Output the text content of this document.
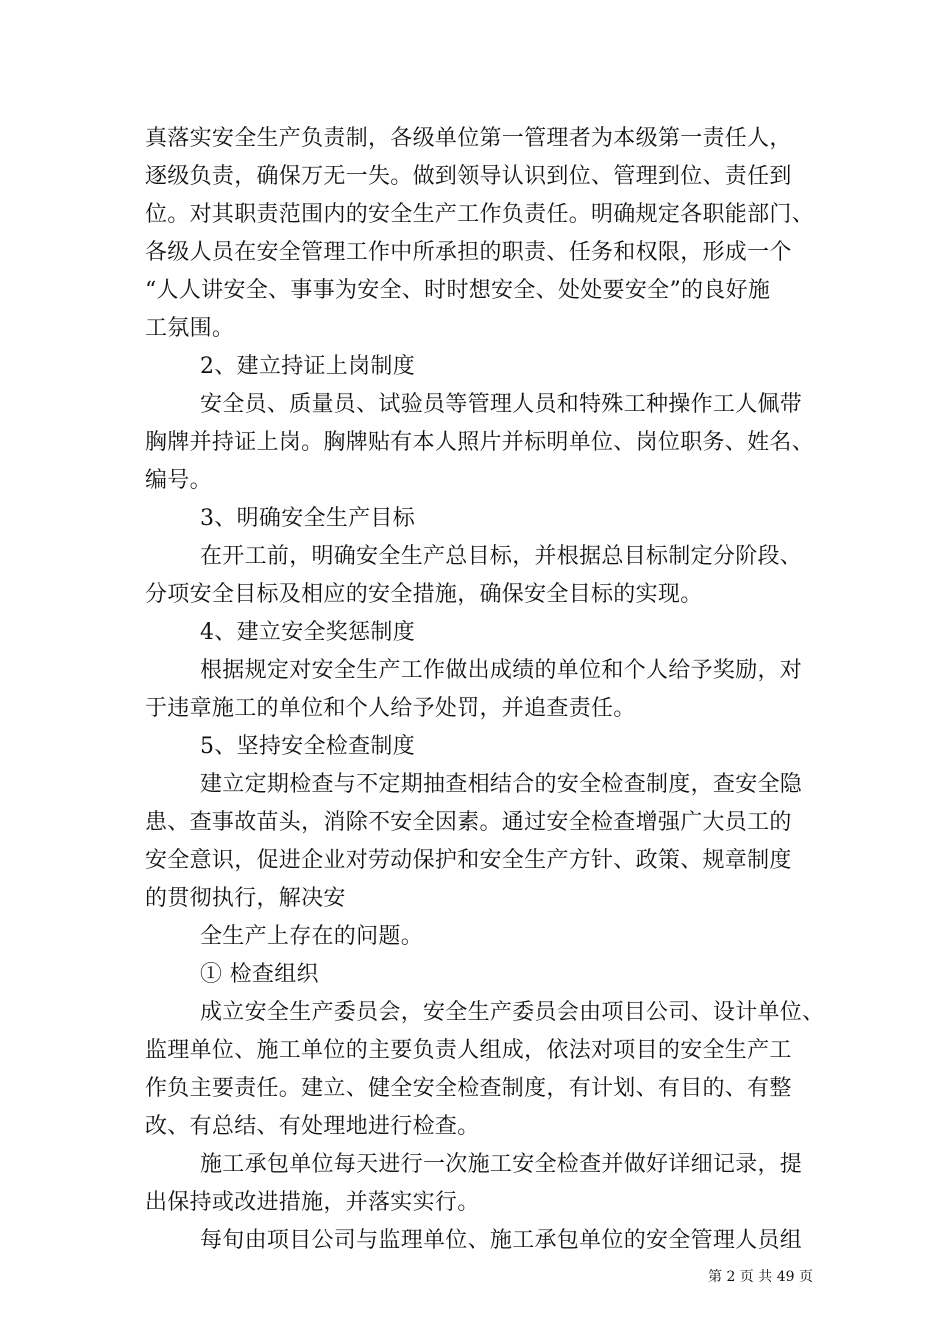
真落实安全生产负责制，各级单位第一管理者为本级第一责任人，

逐级负责，确保万无一失。做到领导认识到位、管理到位、责任到

位。对其职责范围内的安全生产工作负责任。明确规定各职能部门、

各级人员在安全管理工作中所承担的职责、任务和权限，形成一个

“人人讲安全、事事为安全、时时想安全、处处要安全”的良好施

工氛围。

2、建立持证上岗制度

安全员、质量员、试验员等管理人员和特殊工种操作工人佩带

胸牌并持证上岗。胸牌贴有本人照片并标明单位、岗位职务、姓名、

编号。

3、明确安全生产目标

在开工前，明确安全生产总目标，并根据总目标制定分阶段、

分项安全目标及相应的安全措施，确保安全目标的实现。

4、建立安全奖惩制度

根据规定对安全生产工作做出成绩的单位和个人给予奖励，对

于违章施工的单位和个人给予处罚，并追查责任。

5、坚持安全检查制度

建立定期检查与不定期抽查相结合的安全检查制度，查安全隐

患、查事故苗头，消除不安全因素。通过安全检查增强广大员工的

安全意识，促进企业对劳动保护和安全生产方针、政策、规章制度

的贯彻执行，解决安

全生产上存在的问题。

① 检查组织

成立安全生产委员会，安全生产委员会由项目公司、设计单位、

监理单位、施工单位的主要负责人组成，依法对项目的安全生产工

作负主要责任。建立、健全安全检查制度，有计划、有目的、有整

改、有总结、有处理地进行检查。

施工承包单位每天进行一次施工安全检查并做好详细记录，提

出保持或改进措施，并落实实行。

每旬由项目公司与监理单位、施工承包单位的安全管理人员组

第 2 页 共 49 页
